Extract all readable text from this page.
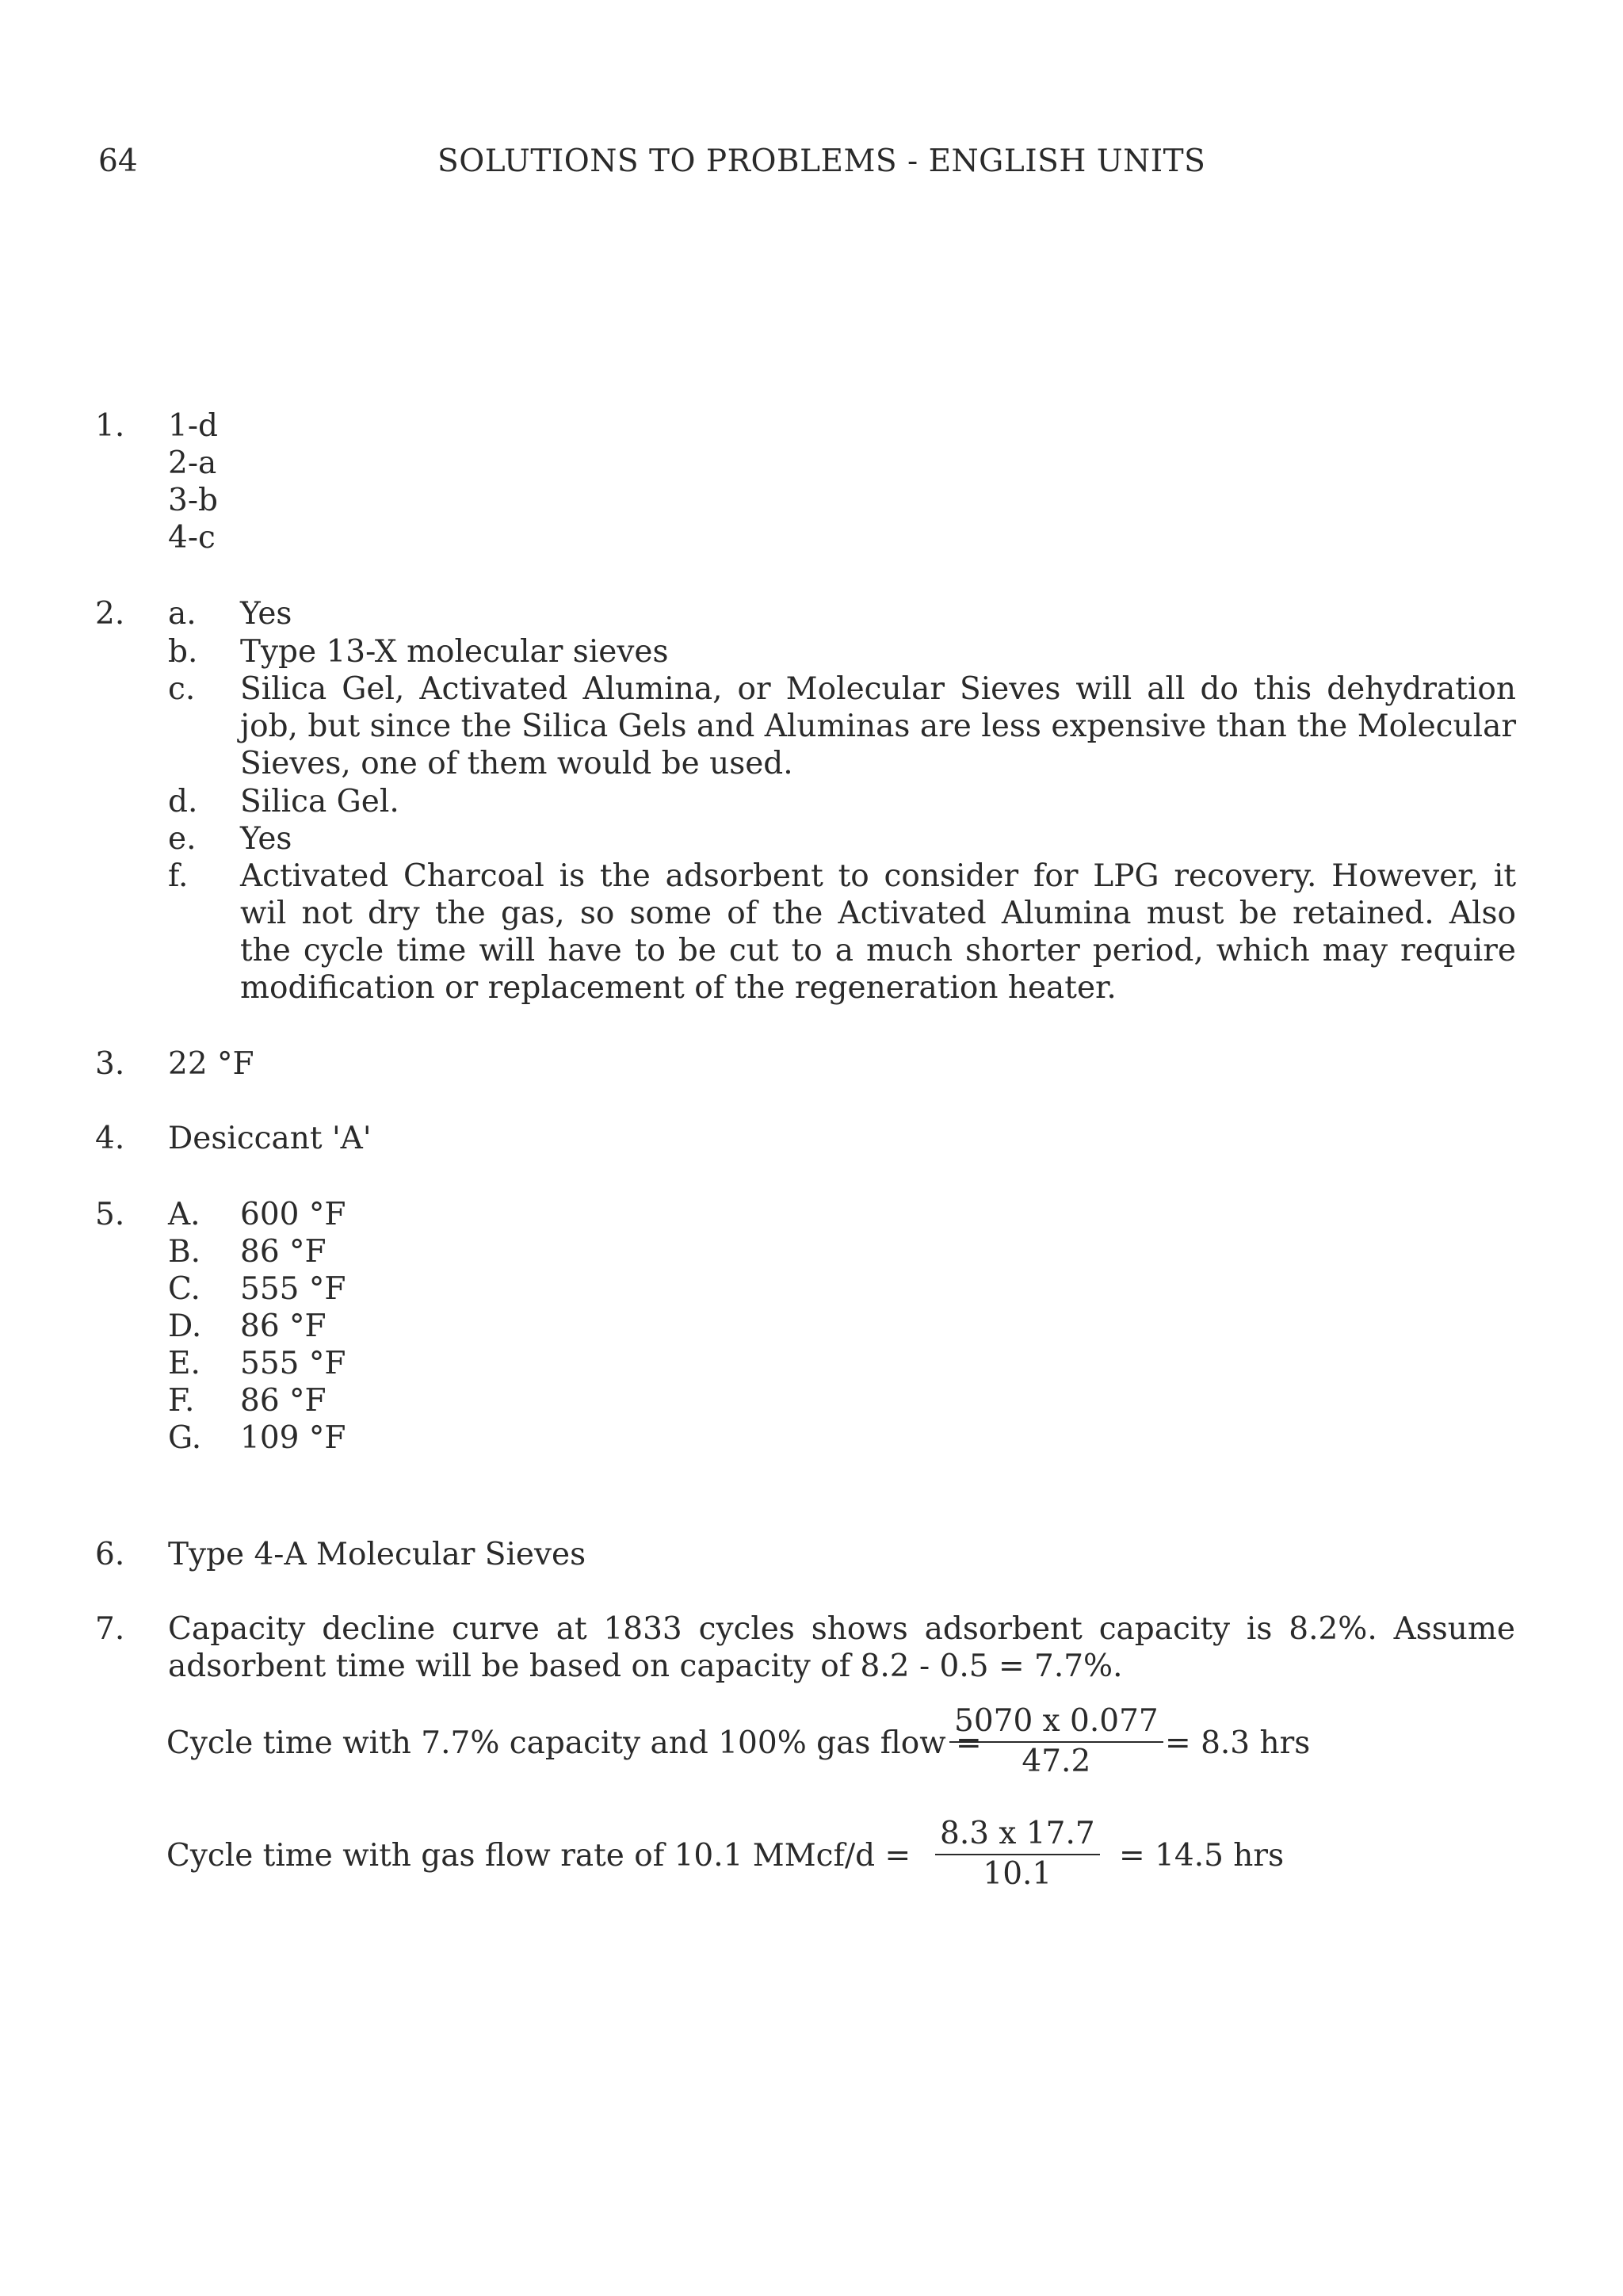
64	SOLUTIONS TO PROBLEMS - ENGLISH UNITS
1. 1-d
2-a
3-b
4-c
2. a. Yes
b. Type 13-X molecular sieves
c. Silica Gel, Activated Alumina, or Molecular Sieves will all do this dehydration
job, but since the Silica Gels and Aluminas are less expensive than the Molecular
Sieves, one of them would be used.
d. Silica Gel.
e. Yes
f. Activated Charcoal is the adsorbent to consider for LPG recovery. However, it
wil not dry the gas, so some of the Activated Alumina must be retained. Also
the cycle time will have to be cut to a much shorter period, which may require
modification or replacement of the regeneration heater.
3. 22 °F
4. Desiccant 'A'
5. A. 600 °F
B. 86 °F
C. 555 °F
D. 86 °F
E. 555 °F
F. 86 °F
G. 109 °F
6. Type 4-A Molecular Sieves
7. Capacity decline curve at 1833 cycles shows adsorbent capacity is 8.2%. Assume
adsorbent time will be based on capacity of 8.2 - 0.5 = 7.7%.
Cycle time with 7.7% capacity and 100% gas flow =
$\frac{5070 x 0.077}{47.2} = 8.3$ hrs
Cycle time with gas flow rate of 10.1 MMcf/d = $\frac{8.3 x 17.7}{10.1} = 14.5$ hrs
